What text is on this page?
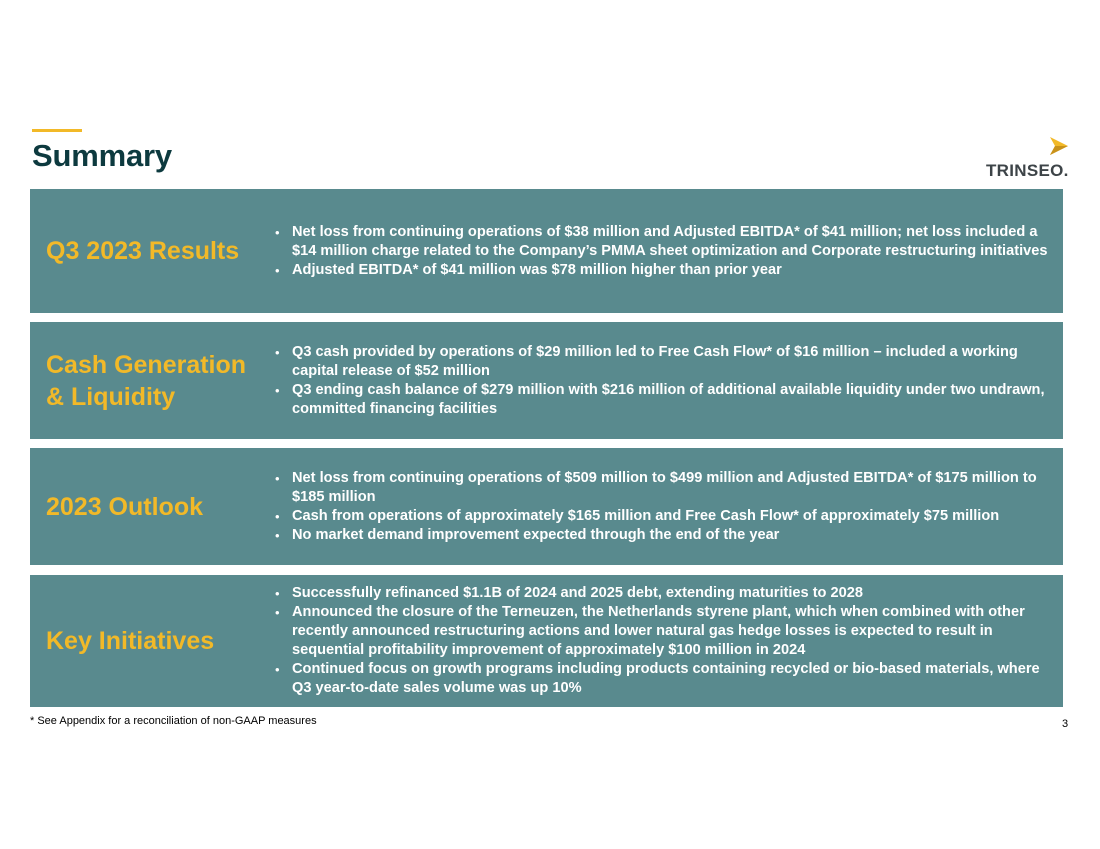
Summary	TRINSEO.
Q3 2023 Results
• Net loss from continuing operations of $38 million and Adjusted EBITDA* of $41 million; net loss included a $14 million charge related to the Company’s PMMA sheet optimization and Corporate restructuring initiatives
• Adjusted EBITDA* of $41 million was $78 million higher than prior year
Cash Generation & Liquidity
• Q3 cash provided by operations of $29 million led to Free Cash Flow* of $16 million – included a working capital release of $52 million
• Q3 ending cash balance of $279 million with $216 million of additional available liquidity under two undrawn, committed financing facilities
2023 Outlook
• Net loss from continuing operations of $509 million to $499 million and Adjusted EBITDA* of $175 million to $185 million
• Cash from operations of approximately $165 million and Free Cash Flow* of approximately $75 million
• No market demand improvement expected through the end of the year
Key Initiatives
• Successfully refinanced $1.1B of 2024 and 2025 debt, extending maturities to 2028
• Announced the closure of the Terneuzen, the Netherlands styrene plant, which when combined with other recently announced restructuring actions and lower natural gas hedge losses is expected to result in sequential profitability improvement of approximately $100 million in 2024
• Continued focus on growth programs including products containing recycled or bio-based materials, where Q3 year-to-date sales volume was up 10%
* See Appendix for a reconciliation of non-GAAP measures	3
